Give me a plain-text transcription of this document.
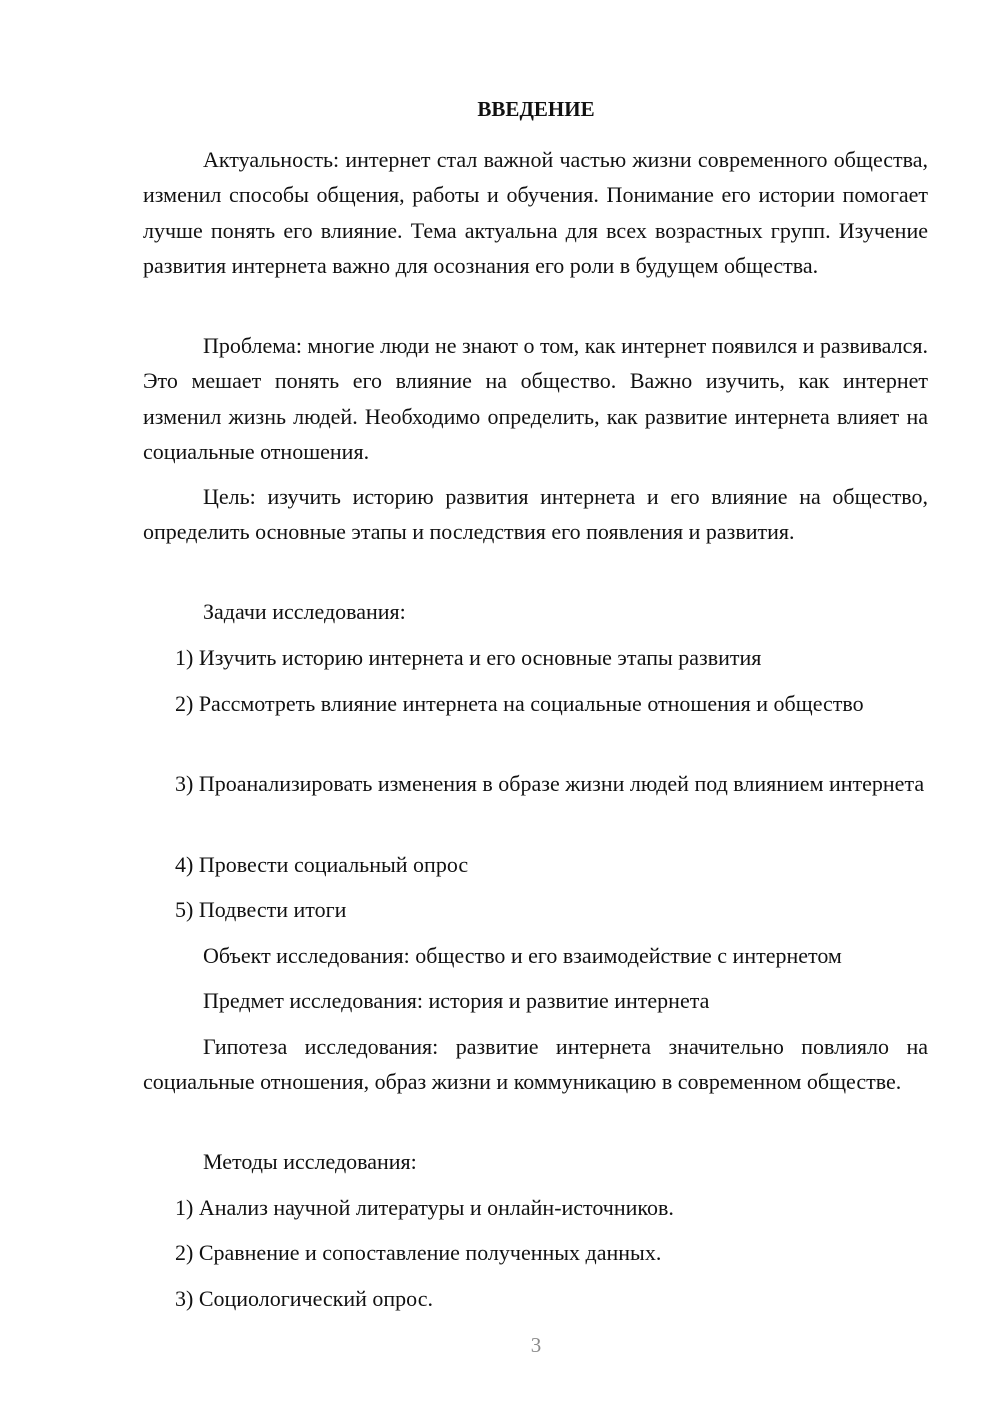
ВВЕДЕНИЕ
Актуальность: интернет стал важной частью жизни современного общества, изменил способы общения, работы и обучения. Понимание его истории помогает лучше понять его влияние. Тема актуальна для всех возрастных групп. Изучение развития интернета важно для осознания его роли в будущем общества.
Проблема: многие люди не знают о том, как интернет появился и развивался. Это мешает понять его влияние на общество. Важно изучить, как интернет изменил жизнь людей. Необходимо определить, как развитие интернета влияет на социальные отношения.
Цель: изучить историю развития интернета и его влияние на общество, определить основные этапы и последствия его появления и развития.
Задачи исследования:
1) Изучить историю интернета и его основные этапы развития
2) Рассмотреть влияние интернета на социальные отношения и общество
3) Проанализировать изменения в образе жизни людей под влиянием интернета
4) Провести социальный опрос
5) Подвести итоги
Объект исследования: общество и его взаимодействие с интернетом
Предмет исследования: история и развитие интернета
Гипотеза исследования: развитие интернета значительно повлияло на социальные отношения, образ жизни и коммуникацию в современном обществе.
Методы исследования:
1) Анализ научной литературы и онлайн-источников.
2) Сравнение и сопоставление полученных данных.
3) Социологический опрос.
3
